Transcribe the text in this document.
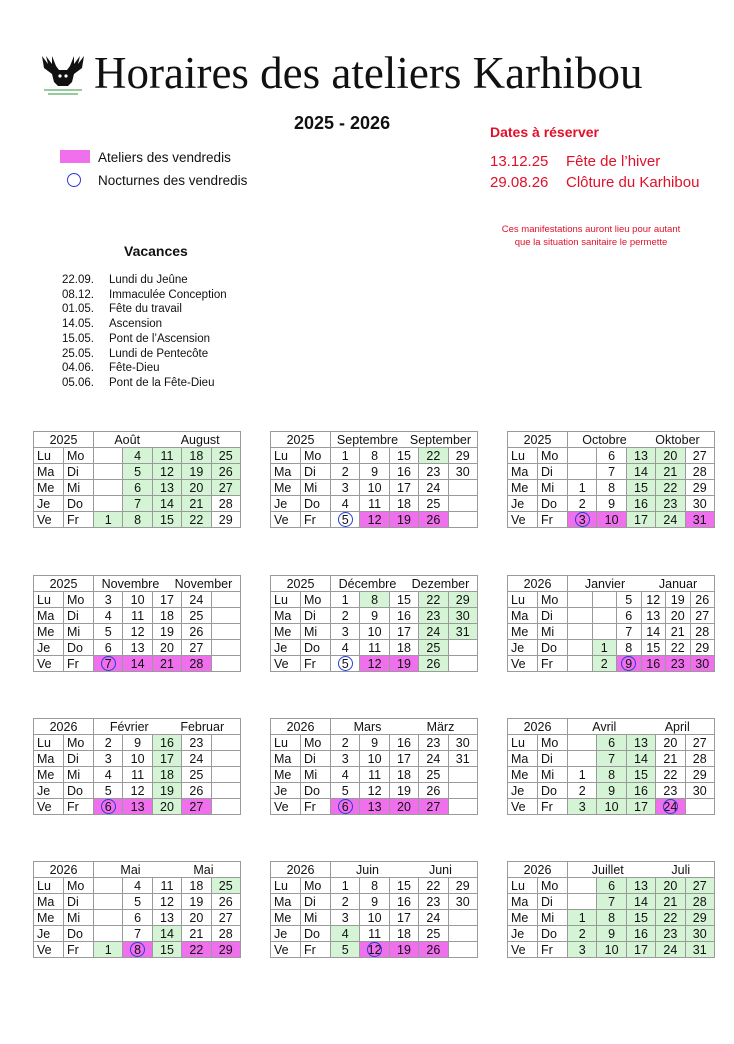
Horaires des ateliers Karhibou
2025 - 2026
Ateliers des vendredis
Nocturnes des vendredis
Dates à réserver
13.12.25 Fête de l’hiver
29.08.26 Clôture du Karhibou
Ces manifestations auront lieu pour autant
que la situation sanitaire le permette
Vacances
22.09. Lundi du Jeûne
08.12. Immaculée Conception
01.05. Fête du travail
14.05. Ascension
15.05. Pont de l’Ascension
25.05. Lundi de Pentecôte
04.06. Fête-Dieu
05.06. Pont de la Fête-Dieu
2025		Août August				

Lu	Mo		4	11	18	25
Ma	Di		5	12	19	26
Me	Mi		6	13	20	27
Je	Do		7	14	21	28
Ve	Fr	1	8	15	22	29
2025		Septembre September				

Lu	Mo	1	8	15	22	29
Ma	Di	2	9	16	23	30
Me	Mi	3	10	17	24	
Je	Do	4	11	18	25	
Ve	Fr	5	12	19	26	
2025		Octobre Oktober				

Lu	Mo		6	13	20	27
Ma	Di		7	14	21	28
Me	Mi	1	8	15	22	29
Je	Do	2	9	16	23	30
Ve	Fr	3	10	17	24	31
2025		Novembre November				

Lu	Mo	3	10	17	24	
Ma	Di	4	11	18	25	
Me	Mi	5	12	19	26	
Je	Do	6	13	20	27	
Ve	Fr	7	14	21	28	
2025		Décembre Dezember				

Lu	Mo	1	8	15	22	29
Ma	Di	2	9	16	23	30
Me	Mi	3	10	17	24	31
Je	Do	4	11	18	25	
Ve	Fr	5	12	19	26	
2026		Janvier Januar					

Lu	Mo			5	12	19	26
Ma	Di			6	13	20	27
Me	Mi			7	14	21	28
Je	Do		1	8	15	22	29
Ve	Fr		2	9	16	23	30
2026		Février Februar				

Lu	Mo	2	9	16	23	
Ma	Di	3	10	17	24	
Me	Mi	4	11	18	25	
Je	Do	5	12	19	26	
Ve	Fr	6	13	20	27	
2026		Mars März				

Lu	Mo	2	9	16	23	30
Ma	Di	3	10	17	24	31
Me	Mi	4	11	18	25	
Je	Do	5	12	19	26	
Ve	Fr	6	13	20	27	
2026		Avril April				

Lu	Mo		6	13	20	27
Ma	Di		7	14	21	28
Me	Mi	1	8	15	22	29
Je	Do	2	9	16	23	30
Ve	Fr	3	10	17	24

2026		Mai Mai				

Lu	Mo		4	11	18	25
Ma	Di		5	12	19	26
Me	Mi		6	13	20	27
Je	Do		7	14	21	28
Ve	Fr	1	8	15	22	29
2026		Juin Juni				

Lu	Mo	1	8	15	22	29
Ma	Di	2	9	16	23	30
Me	Mi	3	10	17	24	
Je	Do	4	11	18	25	
Ve	Fr	5	12	19	26	
2026		Juillet Juli				

Lu	Mo		6	13	20	27
Ma	Di		7	14	21	28
Me	Mi	1	8	15	22	29
Je	Do	2	9	16	23	30
Ve	Fr	3	10	17	24	31
